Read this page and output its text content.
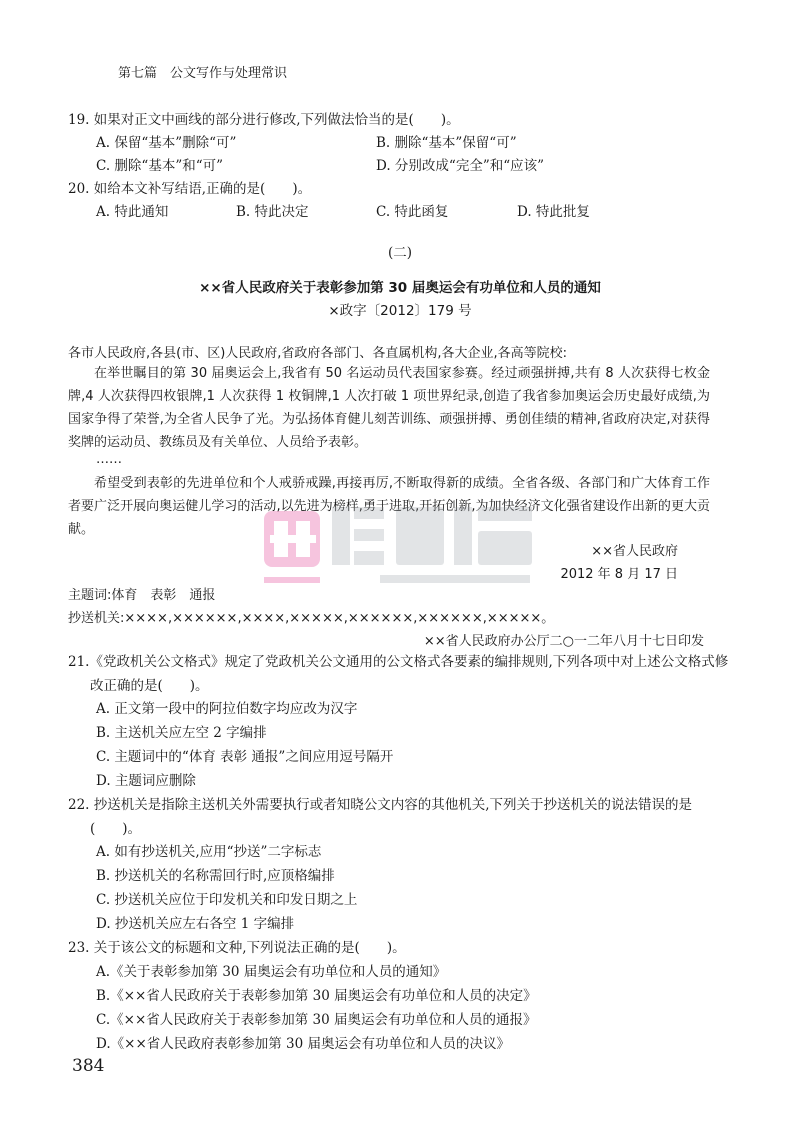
第七篇　公文写作与处理常识
19. 如果对正文中画线的部分进行修改,下列做法恰当的是(　　)。
A. 保留“基本”删除“可”	B. 删除“基本”保留“可”
C. 删除“基本”和“可”	D. 分别改成“完全”和“应该”
20. 如给本文补写结语,正确的是(　　)。
A. 特此通知	B. 特此决定	C. 特此函复	D. 特此批复
(二)
××省人民政府关于表彰参加第 30 届奥运会有功单位和人员的通知
×政字〔2012〕179 号
各市人民政府,各县(市、区)人民政府,省政府各部门、各直属机构,各大企业,各高等院校:
在举世瞩目的第 30 届奥运会上,我省有 50 名运动员代表国家参赛。经过顽强拼搏,共有 8 人次获得七枚金牌,4 人次获得四枚银牌,1 人次获得 1 枚铜牌,1 人次打破 1 项世界纪录,创造了我省参加奥运会历史最好成绩,为国家争得了荣誉,为全省人民争了光。为弘扬体育健儿刻苦训练、顽强拼搏、勇创佳绩的精神,省政府决定,对获得奖牌的运动员、教练员及有关单位、人员给予表彰。
……
希望受到表彰的先进单位和个人戒骄戒躁,再接再厉,不断取得新的成绩。全省各级、各部门和广大体育工作者要广泛开展向奥运健儿学习的活动,以先进为榜样,勇于进取,开拓创新,为加快经济文化强省建设作出新的更大贡献。
××省人民政府
2012 年 8 月 17 日
主题词:体育　表彰　通报
抄送机关:××××,××××××,××××,×××××,××××××,××××××,×××××。
××省人民政府办公厅二○一二年八月十七日印发
21.《党政机关公文格式》规定了党政机关公文通用的公文格式各要素的编排规则,下列各项中对上述公文格式修改正确的是(　　)。
A. 正文第一段中的阿拉伯数字均应改为汉字
B. 主送机关应左空 2 字编排
C. 主题词中的“体育 表彰 通报”之间应用逗号隔开
D. 主题词应删除
22. 抄送机关是指除主送机关外需要执行或者知晓公文内容的其他机关,下列关于抄送机关的说法错误的是(　　)。
A. 如有抄送机关,应用“抄送”二字标志
B. 抄送机关的名称需回行时,应顶格编排
C. 抄送机关应位于印发机关和印发日期之上
D. 抄送机关应左右各空 1 字编排
23. 关于该公文的标题和文种,下列说法正确的是(　　)。
A.《关于表彰参加第 30 届奥运会有功单位和人员的通知》
B.《××省人民政府关于表彰参加第 30 届奥运会有功单位和人员的决定》
C.《××省人民政府关于表彰参加第 30 届奥运会有功单位和人员的通报》
D.《××省人民政府表彰参加第 30 届奥运会有功单位和人员的决议》
384
